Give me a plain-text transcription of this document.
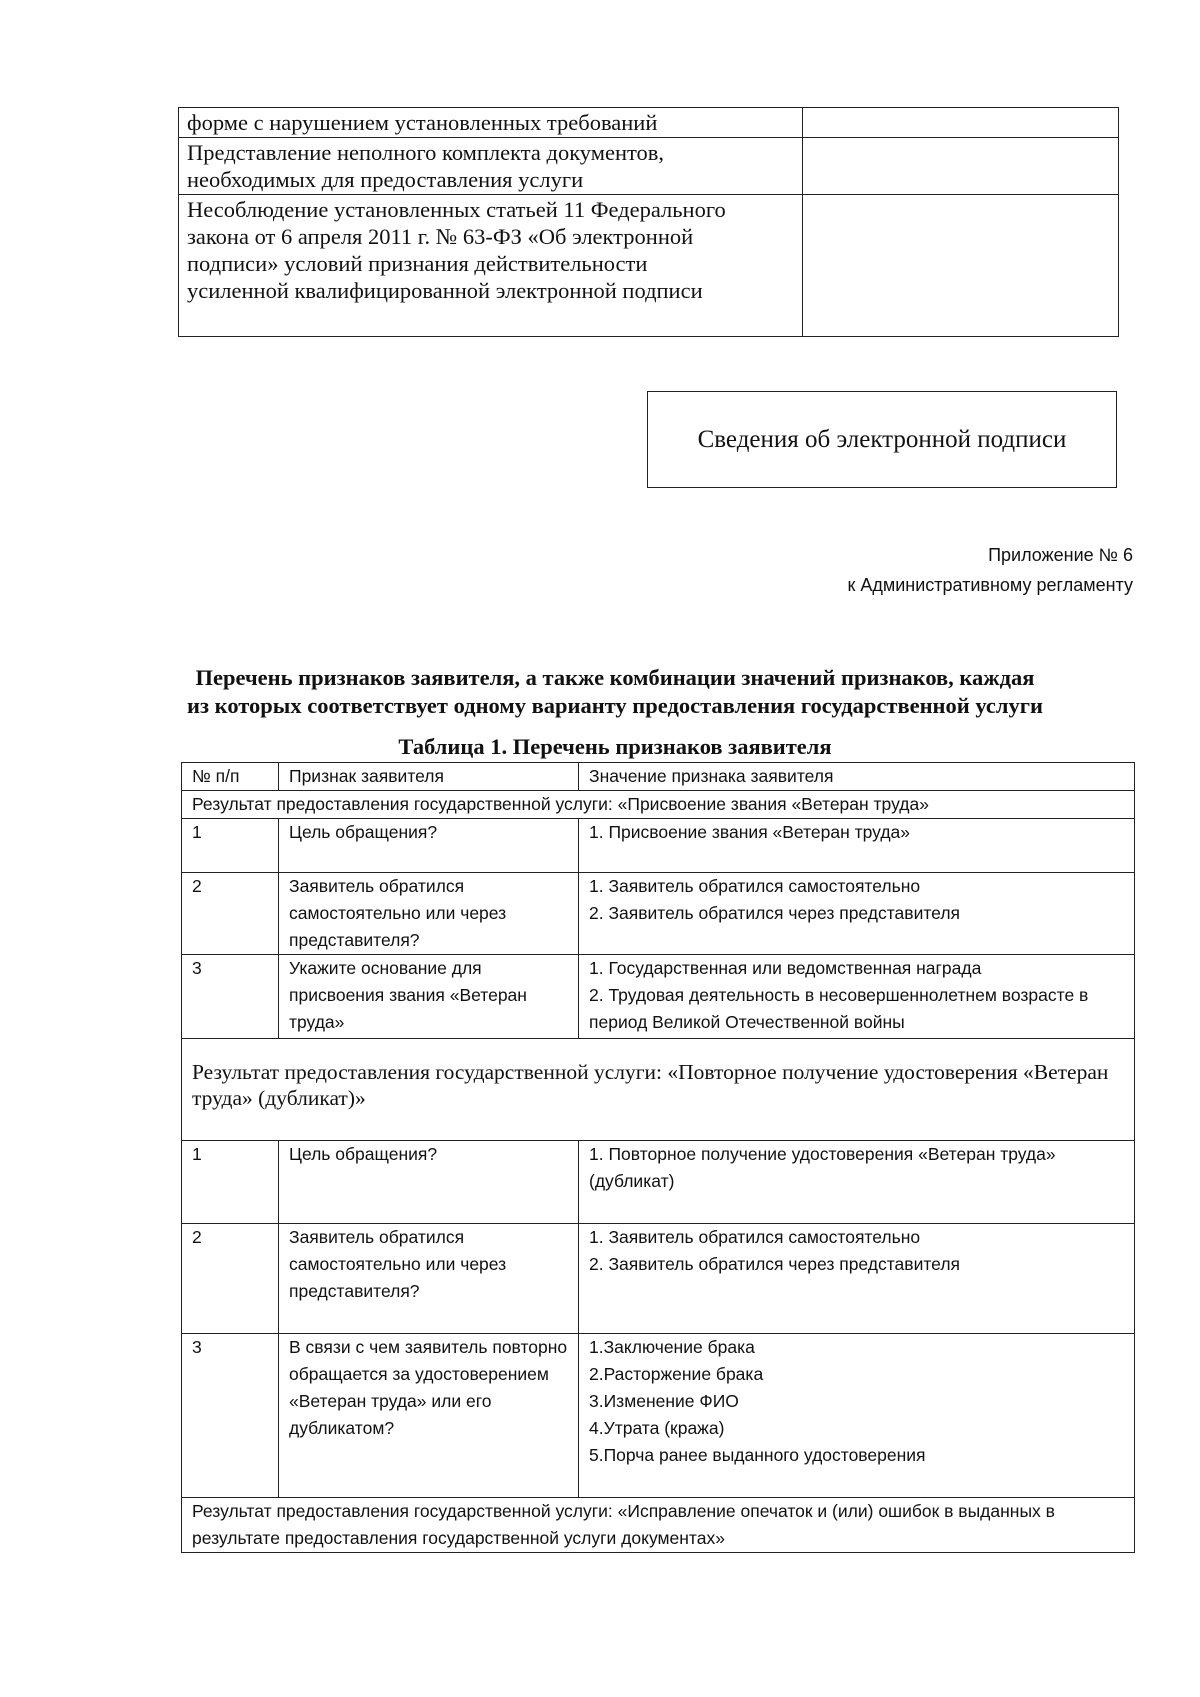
форме с нарушением установленных требований	

Представление неполного комплекта документов,
необходимых для предоставления услуги	

Несоблюдение установленных статьей 11 Федерального
закона от 6 апреля 2011 г. № 63-ФЗ «Об электронной
подписи» условий признания действительности
усиленной квалифицированной электронной подписи	

Сведения об электронной подписи
Приложение № 6
к Административному регламенту
Перечень признаков заявителя, а также комбинации значений признаков, каждая
из которых соответствует одному варианту предоставления государственной услуги
Таблица 1. Перечень признаков заявителя
№ п/п	Признак заявителя	Значение признака заявителя
Результат предоставления государственной услуги: «Присвоение звания «Ветеран труда»		
1	Цель обращения?	1. Присвоение звания «Ветеран труда»

2	Заявитель обратился самостоятельно или через представителя?	1. Заявитель обратился самостоятельно
2. Заявитель обратился через представителя

3	Укажите основание для присвоения звания «Ветеран труда»	1. Государственная или ведомственная награда
2. Трудовая деятельность в несовершеннолетнем возрасте в период Великой Отечественной войны

Результат предоставления государственной услуги: «Повторное получение удостоверения «Ветеран труда» (дубликат)»		
1	Цель обращения?	1. Повторное получение удостоверения «Ветеран труда» (дубликат)

2	Заявитель обратился самостоятельно или через представителя?	1. Заявитель обратился самостоятельно
2. Заявитель обратился через представителя

3	В связи с чем заявитель повторно обращается за удостоверением «Ветеран труда» или его дубликатом?	1.Заключение брака
2.Расторжение брака
3.Изменение ФИО
4.Утрата (кража)
5.Порча ранее выданного удостоверения

Результат предоставления государственной услуги: «Исправление опечаток и (или) ошибок в выданных в результате предоставления государственной услуги документах»		
